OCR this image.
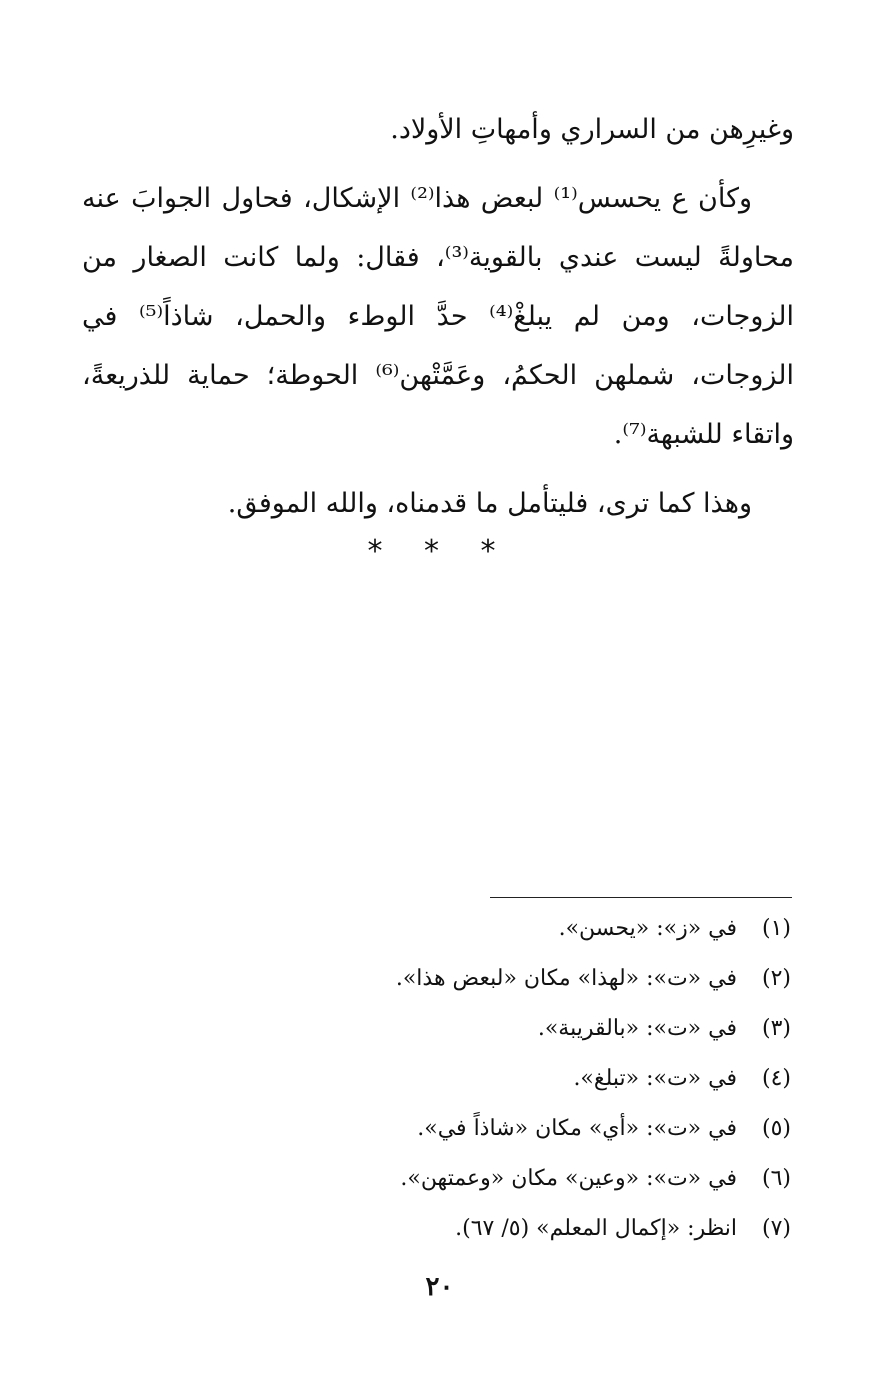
وغيرِهن من السراري وأمهاتِ الأولاد.

وكأن ع يحسس⁽¹⁾ لبعض هذا⁽²⁾ الإشكال، فحاول الجوابَ عنه محاولةً ليست عندي بالقوية⁽³⁾، فقال: ولما كانت الصغار من الزوجات، ومن لم يبلغْ⁽⁴⁾ حدَّ الوطء والحمل، شاذاً⁽⁵⁾ في الزوجات، شملهن الحكمُ، وعَمَّتْهن⁽⁶⁾ الحوطة؛ حماية للذريعةً، واتقاء للشبهة⁽⁷⁾.

وهذا كما ترى، فليتأمل ما قدمناه، والله الموفق.

* * *
(١)
في «ز»: «يحسن».
(٢)
في «ت»: «لهذا» مكان «لبعض هذا».
(٣)
في «ت»: «بالقريبة».
(٤)
في «ت»: «تبلغ».
(٥)
في «ت»: «أي» مكان «شاذاً في».
(٦)
في «ت»: «وعين» مكان «وعمتهن».
(٧)
انظر: «إكمال المعلم» (٥/ ٦٧).
٢٠
